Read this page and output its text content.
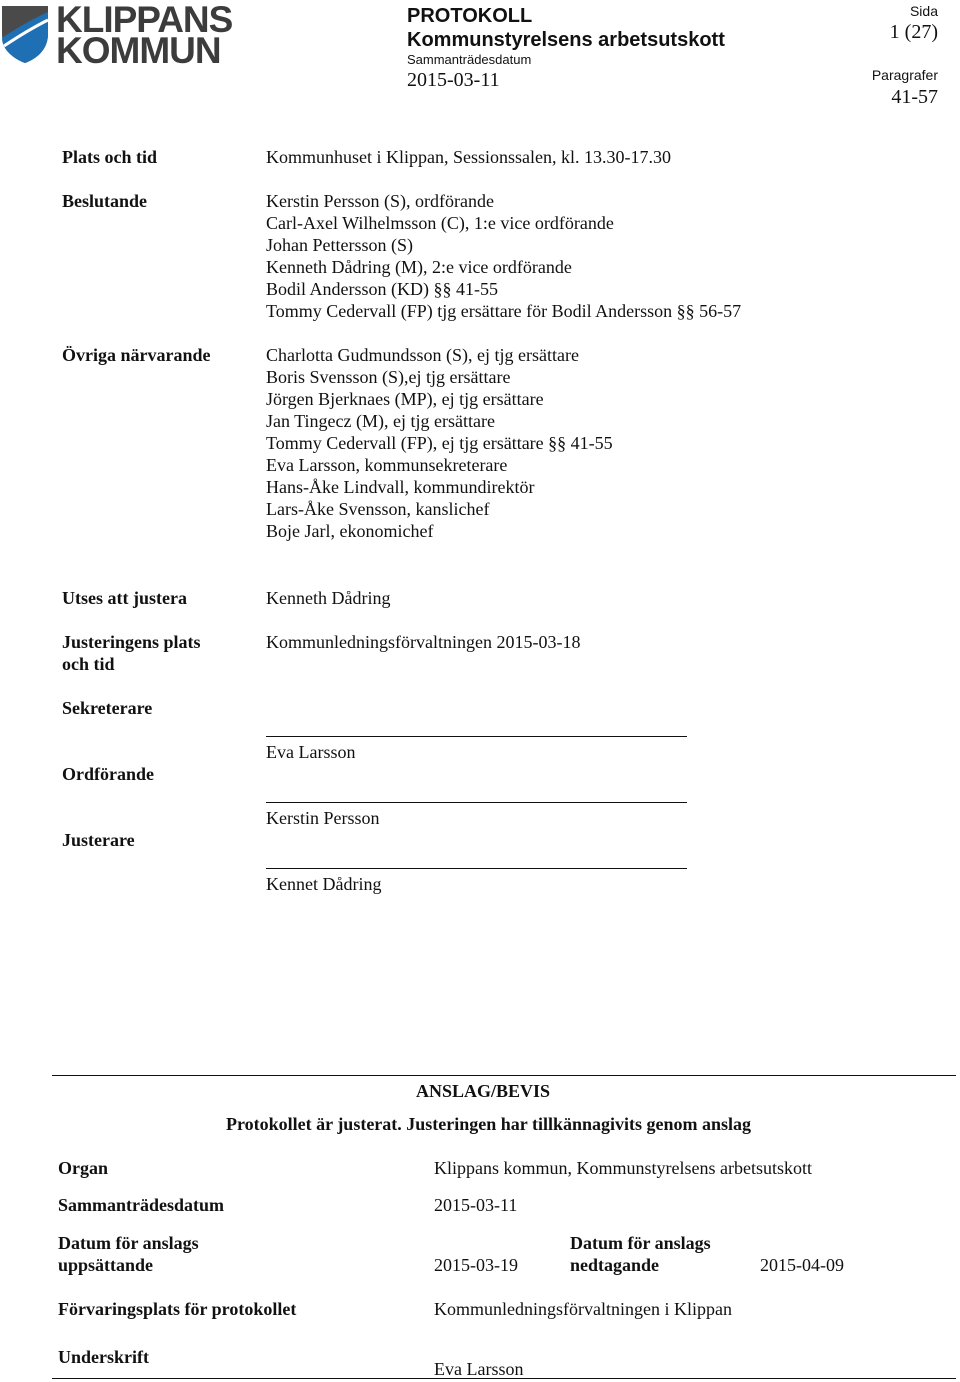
KLIPPANS
KOMMUN
PROTOKOLL
Kommunstyrelsens arbetsutskott
Sammanträdesdatum
2015-03-11
Sida
1 (27)
Paragrafer
41-57
Plats och tid	Kommunhuset i Klippan, Sessionssalen, kl. 13.30-17.30
Beslutande	Kerstin Persson (S), ordförande
Carl-Axel Wilhelmsson (C), 1:e vice ordförande
Johan Pettersson (S)
Kenneth Dådring (M), 2:e vice ordförande
Bodil Andersson (KD) §§ 41-55
Tommy Cedervall (FP) tjg ersättare för Bodil Andersson §§ 56-57
Övriga närvarande	Charlotta Gudmundsson (S), ej tjg ersättare
Boris Svensson (S),ej tjg ersättare
Jörgen Bjerknaes (MP), ej tjg ersättare
Jan Tingecz (M), ej tjg ersättare
Tommy Cedervall (FP), ej tjg ersättare §§ 41-55
Eva Larsson, kommunsekreterare
Hans-Åke Lindvall, kommundirektör
Lars-Åke Svensson, kanslichef
Boje Jarl, ekonomichef
Utses att justera	Kenneth Dådring
Justeringens plats
och tid
Kommunledningsförvaltningen 2015-03-18
Sekreterare
Eva Larsson
Ordförande
Kerstin Persson
Justerare
Kennet Dådring
ANSLAG/BEVIS
Protokollet är justerat. Justeringen har tillkännagivits genom anslag
Organ	Klippans kommun, Kommunstyrelsens arbetsutskott
Sammanträdesdatum	2015-03-11
Datum för anslags
uppsättande	2015-03-19
Datum för anslags
nedtagande	2015-04-09
Förvaringsplats för protokollet	Kommunledningsförvaltningen i Klippan
Underskrift
Eva Larsson
